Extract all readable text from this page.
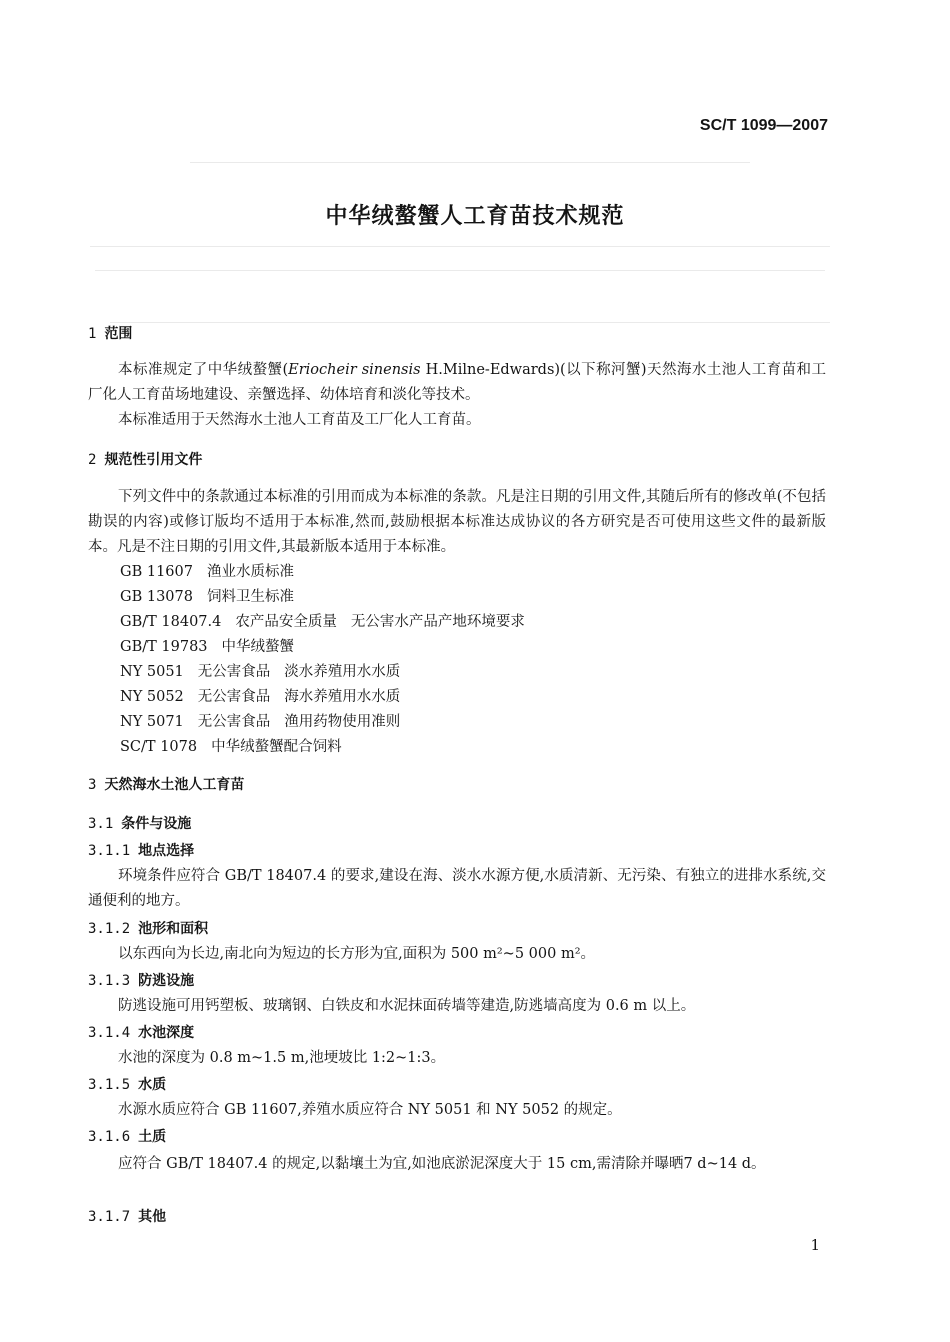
SC/T 1099—2007
中华绒螯蟹人工育苗技术规范
1 范围
本标准规定了中华绒螯蟹(Eriocheir sinensis H.Milne-Edwards)(以下称河蟹)天然海水土池人工育苗和工厂化人工育苗场地建设、亲蟹选择、幼体培育和淡化等技术。
本标准适用于天然海水土池人工育苗及工厂化人工育苗。
2 规范性引用文件
下列文件中的条款通过本标准的引用而成为本标准的条款。凡是注日期的引用文件,其随后所有的修改单(不包括勘误的内容)或修订版均不适用于本标准,然而,鼓励根据本标准达成协议的各方研究是否可使用这些文件的最新版本。凡是不注日期的引用文件,其最新版本适用于本标准。
GB 11607 渔业水质标准
GB 13078 饲料卫生标准
GB/T 18407.4 农产品安全质量 无公害水产品产地环境要求
GB/T 19783 中华绒螯蟹
NY 5051 无公害食品 淡水养殖用水水质
NY 5052 无公害食品 海水养殖用水水质
NY 5071 无公害食品 渔用药物使用准则
SC/T 1078 中华绒螯蟹配合饲料
3 天然海水土池人工育苗
3.1 条件与设施
3.1.1 地点选择
环境条件应符合 GB/T 18407.4 的要求,建设在海、淡水水源方便,水质清新、无污染、有独立的进排水系统,交通便利的地方。
3.1.2 池形和面积
以东西向为长边,南北向为短边的长方形为宜,面积为 500 m²~5 000 m²。
3.1.3 防逃设施
防逃设施可用钙塑板、玻璃钢、白铁皮和水泥抹面砖墙等建造,防逃墙高度为 0.6 m 以上。
3.1.4 水池深度
水池的深度为 0.8 m~1.5 m,池埂坡比 1:2~1:3。
3.1.5 水质
水源水质应符合 GB 11607,养殖水质应符合 NY 5051 和 NY 5052 的规定。
3.1.6 土质
应符合 GB/T 18407.4 的规定,以黏壤土为宜,如池底淤泥深度大于 15 cm,需清除并曝晒7 d~14 d。
3.1.7 其他
1
